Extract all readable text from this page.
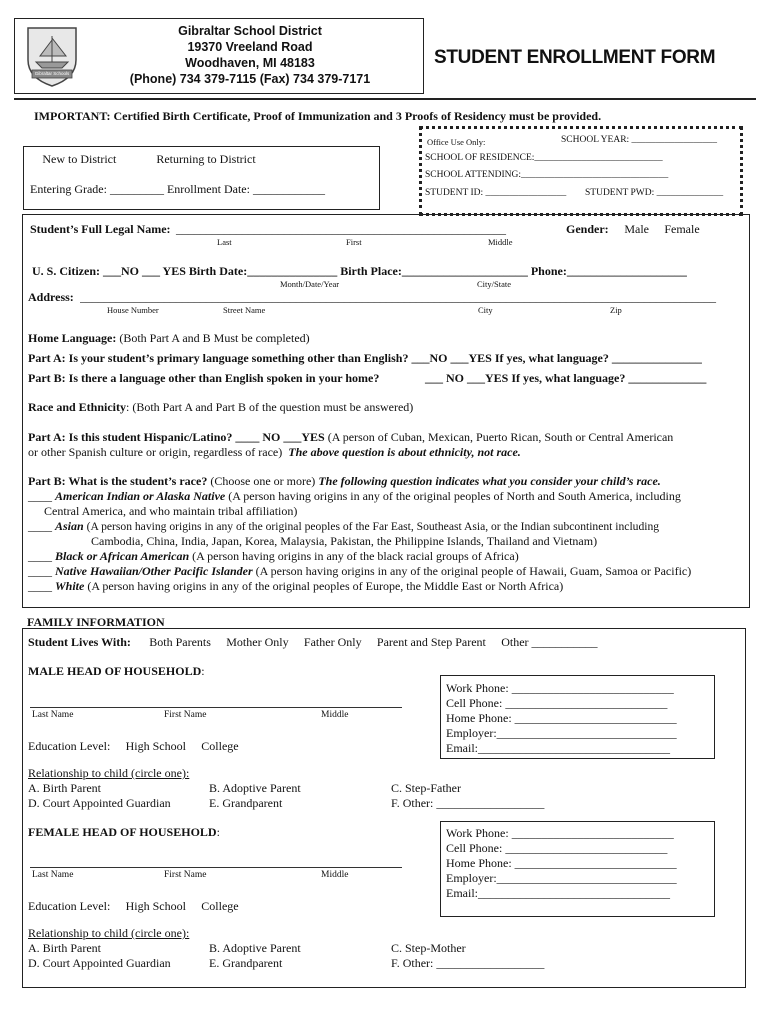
Gibraltar Schools
Gibraltar School District
19370 Vreeland Road
Woodhaven, MI 48183
(Phone) 734 379-7115 (Fax) 734 379-7171
STUDENT ENROLLMENT FORM
IMPORTANT: Certified Birth Certificate, Proof of Immunization and 3 Proofs of Residency must be provided.
New to District	Returning to District
Entering Grade: _________ Enrollment Date: ____________
Office Use Only:	SCHOOL YEAR: __________________
SCHOOL OF RESIDENCE:___________________________
SCHOOL ATTENDING:_______________________________
STUDENT ID: _________________ STUDENT PWD: ______________
Student’s Full Legal Name: _______________________________________________________	Gender: Male Female
Last	First	Middle
U. S. Citizen: ___NO ___ YES Birth Date:_______________ Birth Place:_____________________ Phone:____________________
Month/Date/Year	City/State
Address: __________________________________________________________________________________________________________
House Number	Street Name	City	Zip
Home Language: (Both Part A and B Must be completed)
Part A: Is your student’s primary language something other than English? ___NO ___YES If yes, what language? _______________
Part B: Is there a language other than English spoken in your home?	___ NO ___YES If yes, what language? _____________
Race and Ethnicity: (Both Part A and Part B of the question must be answered)
Part A: Is this student Hispanic/Latino? ____ NO ___YES (A person of Cuban, Mexican, Puerto Rican, South or Central American
or other Spanish culture or origin, regardless of race) The above question is about ethnicity, not race.
Part B: What is the student’s race? (Choose one or more) The following question indicates what you consider your child’s race.
____ American Indian or Alaska Native (A person having origins in any of the original peoples of North and South America, including
Central America, and who maintain tribal affiliation)
____ Asian (A person having origins in any of the original peoples of the Far East, Southeast Asia, or the Indian subcontinent including
Cambodia, China, India, Japan, Korea, Malaysia, Pakistan, the Philippine Islands, Thailand and Vietnam)
____ Black or African American (A person having origins in any of the black racial groups of Africa)
____ Native Hawaiian/Other Pacific Islander (A person having origins in any of the original people of Hawaii, Guam, Samoa or Pacific)
____ White (A person having origins in any of the original peoples of Europe, the Middle East or North Africa)
FAMILY INFORMATION
Student Lives With:   Both Parents Mother Only Father Only Parent and Step Parent Other ___________
MALE HEAD OF HOUSEHOLD:
Last Name	First Name	Middle
Education Level: High School College
Work Phone: ___________________________
Cell Phone: ___________________________
Home Phone: ___________________________
Employer:______________________________
Email:________________________________
Relationship to child (circle one):
A. Birth Parent	B. Adoptive Parent	C. Step-Father
D. Court Appointed Guardian	E. Grandparent	F. Other: __________________
FEMALE HEAD OF HOUSEHOLD:
Last Name	First Name	Middle
Education Level: High School College
Work Phone: ___________________________
Cell Phone: ___________________________
Home Phone: ___________________________
Employer:______________________________
Email:________________________________
Relationship to child (circle one):
A. Birth Parent	B. Adoptive Parent	C. Step-Mother
D. Court Appointed Guardian	E. Grandparent	F. Other: __________________
